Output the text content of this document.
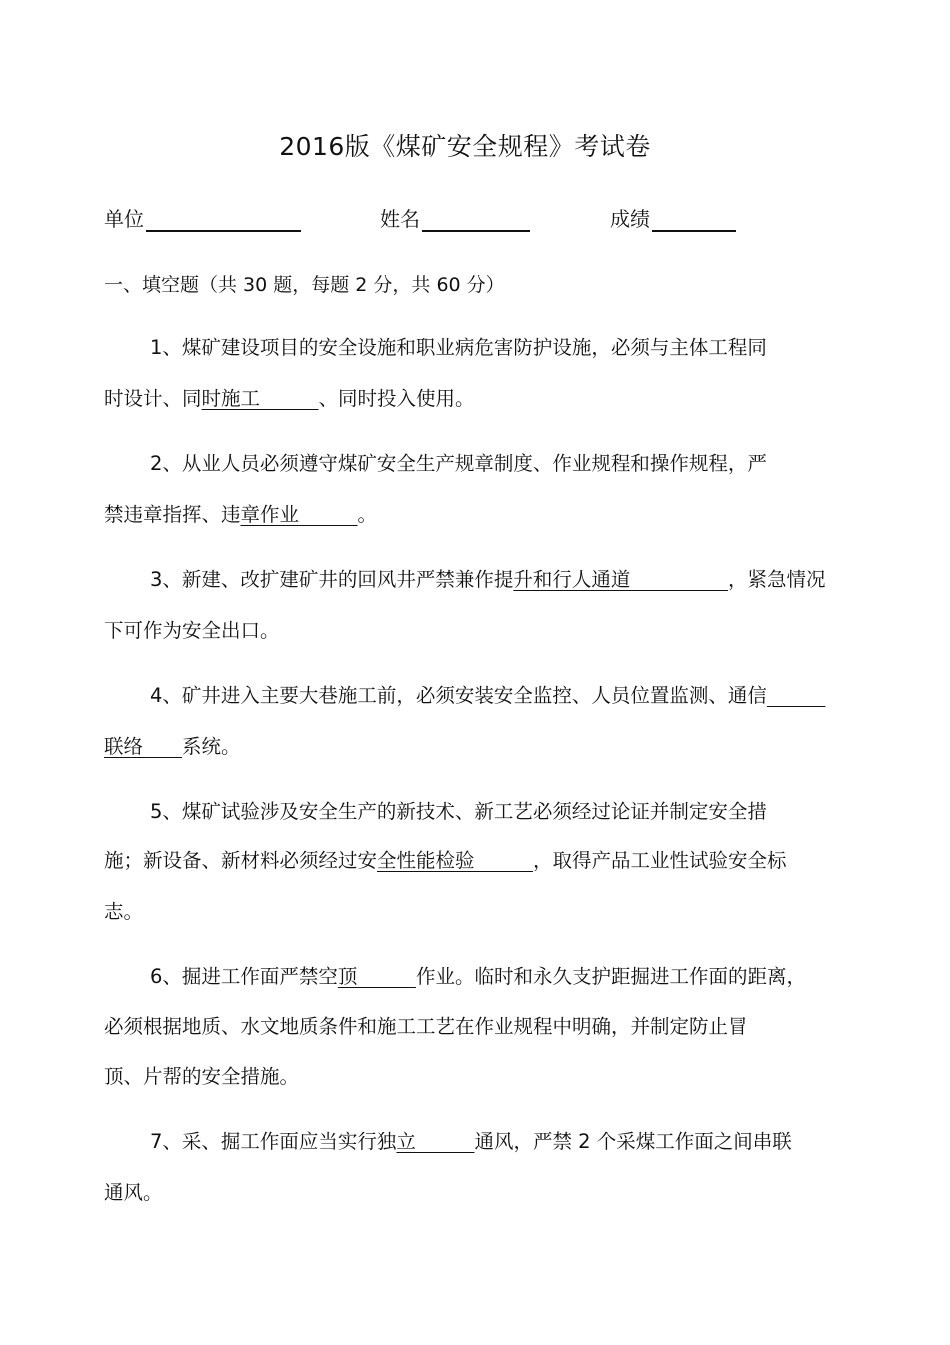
2016版《煤矿安全规程》考试卷
单位	姓名	成绩
一、填空题（共 30 题，每题 2 分，共 60 分）
1、煤矿建设项目的安全设施和职业病危害防护设施，必须与主体工程同
时设计、同时施工　　　、同时投入使用。
2、从业人员必须遵守煤矿安全生产规章制度、作业规程和操作规程，严
禁违章指挥、违章作业　　　。
3、新建、改扩建矿井的回风井严禁兼作提升和行人通道　　　　　，紧急情况
下可作为安全出口。
4、矿井进入主要大巷施工前，必须安装安全监控、人员位置监测、通信　　　
联络　　系统。
5、煤矿试验涉及安全生产的新技术、新工艺必须经过论证并制定安全措
施；新设备、新材料必须经过安全性能检验　　　，取得产品工业性试验安全标
志。
6、掘进工作面严禁空顶　　　作业。临时和永久支护距掘进工作面的距离，
必须根据地质、水文地质条件和施工工艺在作业规程中明确，并制定防止冒
顶、片帮的安全措施。
7、采、掘工作面应当实行独立　　　通风，严禁 2 个采煤工作面之间串联
通风。
